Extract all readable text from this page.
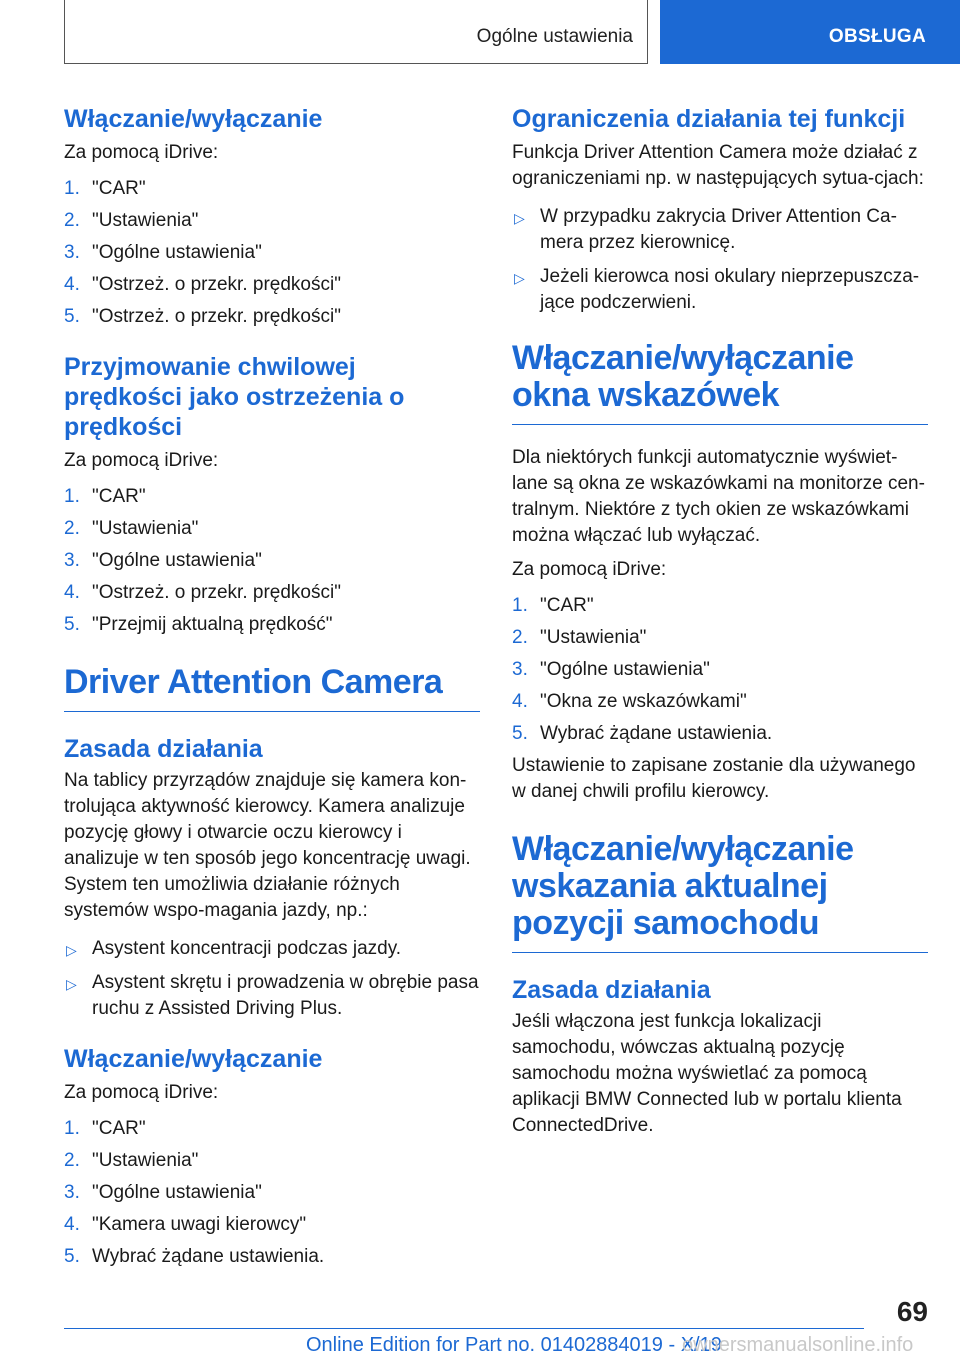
Ogólne ustawienia	OBSŁUGA
Włączanie/wyłączanie

Za pomocą iDrive:

1. "CAR"
2. "Ustawienia"
3. "Ogólne ustawienia"
4. "Ostrzeż. o przekr. prędkości"
5. "Ostrzeż. o przekr. prędkości"
Przyjmowanie chwilowej prędkości jako ostrzeżenia o prędkości

Za pomocą iDrive:

1. "CAR"
2. "Ustawienia"
3. "Ogólne ustawienia"
4. "Ostrzeż. o przekr. prędkości"
5. "Przejmij aktualną prędkość"
Driver Attention Camera
Zasada działania

Na tablicy przyrządów znajduje się kamera kon-trolująca aktywność kierowcy. Kamera analizuje pozycję głowy i otwarcie oczu kierowcy i analizuje w ten sposób jego koncentrację uwagi. System ten umożliwia działanie różnych systemów wspo-magania jazdy, np.:

▷ Asystent koncentracji podczas jazdy.
▷ Asystent skrętu i prowadzenia w obrębie pasa ruchu z Assisted Driving Plus.
Włączanie/wyłączanie

Za pomocą iDrive:

1. "CAR"
2. "Ustawienia"
3. "Ogólne ustawienia"
4. "Kamera uwagi kierowcy"
5. Wybrać żądane ustawienia.
Ograniczenia działania tej funkcji

Funkcja Driver Attention Camera może działać z ograniczeniami np. w następujących sytua-cjach:

▷ W przypadku zakrycia Driver Attention Ca-mera przez kierownicę.
▷ Jeżeli kierowca nosi okulary nieprzepuszcza-jące podczerwieni.
Włączanie/wyłączanie okna wskazówek

Dla niektórych funkcji automatycznie wyświet-lane są okna ze wskazówkami na monitorze cen-tralnym. Niektóre z tych okien ze wskazówkami można włączać lub wyłączać.

Za pomocą iDrive:

1. "CAR"
2. "Ustawienia"
3. "Ogólne ustawienia"
4. "Okna ze wskazówkami"
5. Wybrać żądane ustawienia.

Ustawienie to zapisane zostanie dla używanego w danej chwili profilu kierowcy.

Włączanie/wyłączanie wskazania aktualnej pozycji samochodu
Zasada działania

Jeśli włączona jest funkcja lokalizacji samochodu, wówczas aktualną pozycję samochodu można wyświetlać za pomocą aplikacji BMW Connected lub w portalu klienta ConnectedDrive.

69
Online Edition for Part no. 01402884019 - X/19
ownersmanualsonline.info
